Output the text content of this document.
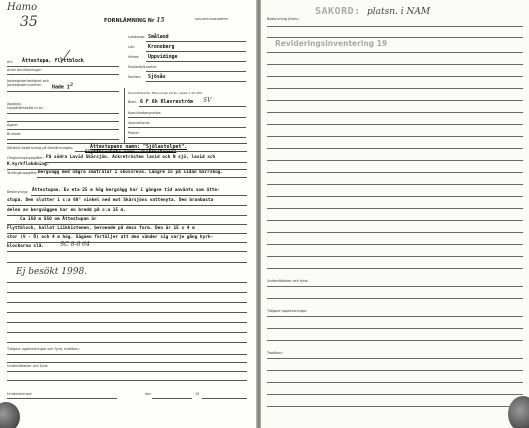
Hamo
35	FORNLÄMNING Nr 15	RIKSANTIKVARIEÄMBETET
Landskap: Småland
Län:	Kronoberg
Härad: Uppvidinge
Stadsdel/kvarter:
Socken: Sjösås
Art: Ättestupa, flyttblock
Antal fornlämningar:
Jordregisterfastighet och jordregisternummer:	Hade $1^2$
Översiktskarta: Ekonomisk karta i skala 1:10 000,
Blad: 6 F 6h Klavreström SV
Koordinatangivelse:
Specialkarta:
Planer:
Ägoslag, Upprättelsesätt m.m.:
Ägare:
Brukare:
Särskild beskrivning på fornlämningen:	Ättestupans namn: "Sjölastolpet".
Flyttblockets namn: "Lihkkstenen"
Omgivningsuppgifter: På södra Lavid Skärsjön. Ackretrösten lavid och N sjö, lavid sch
K.kyrkflokdning.
Terrängsuppgifter: Bergvägg med några smaträlar i skovsreva. Längre in på sidan barrskog.
Beskrivning: Ättestupan. Ev eta 25 m hög bergvägg har i gängse tid använts som ätte-
stupa. Den slutter i c:a 60° vinkel ned mot Skärsjöns vattenyta. Den branbasta
delen av bergväggen har en bredd på c:a 15 m.
Ca 150 m SSO om Ättestupan är
Flyttblock, kallat Liikkistenen, beroende på dess form. Den är 15 x 4 m
stor (V - Ö) och 4 m hög. Sägnen förtäljer att den vänder sig varje gång kyrk-
klockorna slå.	SC 8-6 64
Ej besökt 1998.
Tidigare uppteckningar och fynd, tradition:
Underrättelser och fynd:
Undertecknad:	den	19
Beskrivning (forts.)
SAKORD: platsn. i NAM
Revideringsinventering 19
Underrättelser och fynd:
Tidigare uppteckningar:
Tradition:
